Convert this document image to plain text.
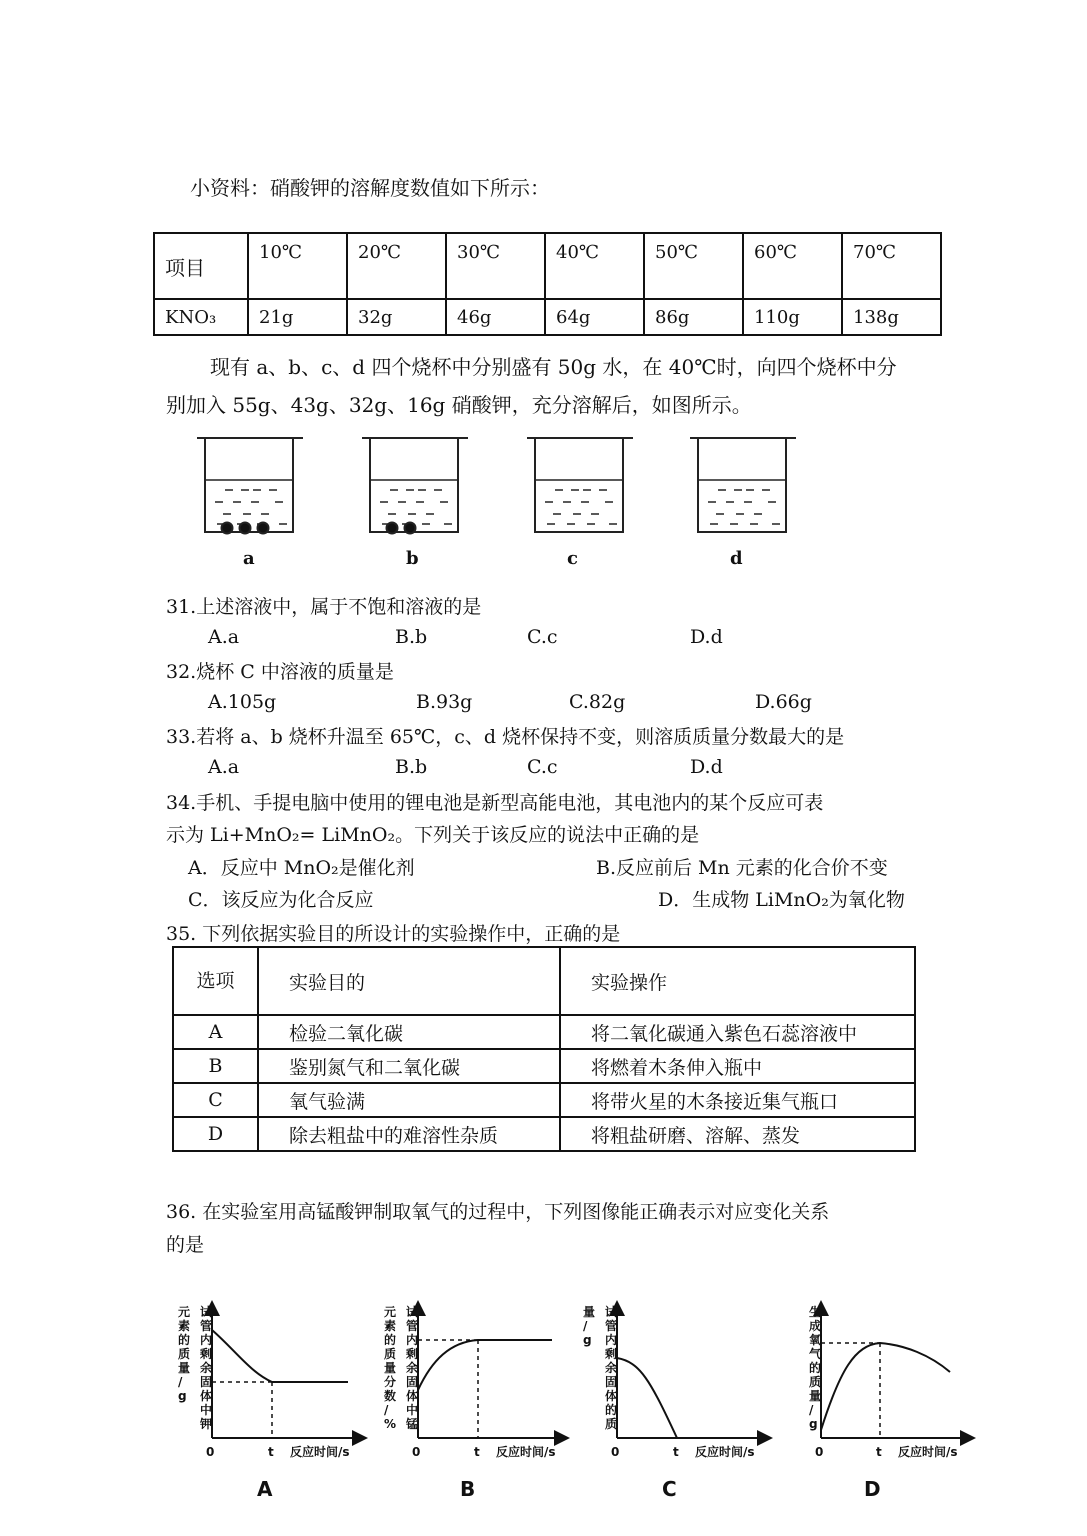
小资料：硝酸钾的溶解度数值如下所示：
项目	10℃	20℃	30℃	40℃	50℃	60℃	70℃
KNO₃	21g	32g	46g	64g	86g	110g	138g
现有 a、b、c、d 四个烧杯中分别盛有 50g 水，在 40℃时，向四个烧杯中分
别加入 55g、43g、32g、16g 硝酸钾，充分溶解后，如图所示。
a	b	c	d
31.上述溶液中，属于不饱和溶液的是
A.a	B.b	C.c	D.d
32.烧杯 C 中溶液的质量是
A.105g	B.93g	C.82g	D.66g
33.若将 a、b 烧杯升温至 65℃，c、d 烧杯保持不变，则溶质质量分数最大的是
A.a	B.b	C.c	D.d
34.手机、手提电脑中使用的锂电池是新型高能电池，其电池内的某个反应可表
示为 Li+MnO₂= LiMnO₂。下列关于该反应的说法中正确的是
A．反应中 MnO₂是催化剂	B.反应前后 Mn 元素的化合价不变
C．该反应为化合反应	D．生成物 LiMnO₂为氧化物
35. 下列依据实验目的所设计的实验操作中，正确的是
选项	实验目的	实验操作
A	检验二氧化碳	将二氧化碳通入紫色石蕊溶液中
B	鉴别氮气和二氧化碳	将燃着木条伸入瓶中
C	氧气验满	将带火星的木条接近集气瓶口
D	除去粗盐中的难溶性杂质	将粗盐研磨、溶解、蒸发
36. 在实验室用高锰酸钾制取氧气的过程中，下列图像能正确表示对应变化关系
的是
试
管
内
剩
余
固
体
中
钾
元
素
的
质
量
/
g
0	t 反应时间/s
A
试
管
内
剩
余
固
体
中
锰
元
素
的
质
量
分
数
/
%
0	t 反应时间/s
B
试
管
内
剩
余
固
体
的
质
量
/
g
0	t 反应时间/s
C
生
成
氧
气
的
质
量
/
g
0	t 反应时间/s
D
